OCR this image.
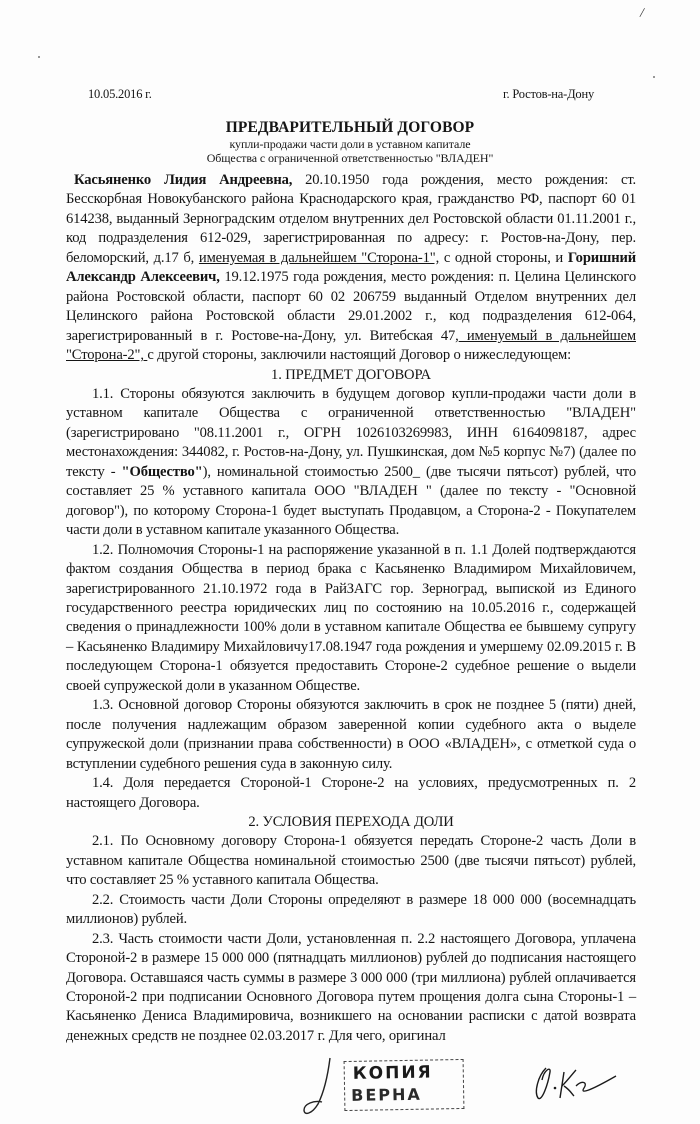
/
10.05.2016 г.	г. Ростов-на-Дону
ПРЕДВАРИТЕЛЬНЫЙ ДОГОВОР
купли-продажи части доли в уставном капитале
Общества с ограниченной ответственностью "ВЛАДЕН"

Касьяненко Лидия Андреевна, 20.10.1950 года рождения, место рождения: ст. Бесскорбная Новокубанского района Краснодарского края, гражданство РФ, паспорт 60 01 614238, выданный Зерноградским отделом внутренних дел Ростовской области 01.11.2001 г., код подразделения 612-029, зарегистрированная по адресу: г. Ростов-на-Дону, пер. беломорский, д.17 б, именуемая в дальнейшем "Сторона-1", с одной стороны, и Горишний Александр Алексеевич, 19.12.1975 года рождения, место рождения: п. Целина Целинского района Ростовской области, паспорт 60 02 206759 выданный Отделом внутренних дел Целинского района Ростовской области 29.01.2002 г., код подразделения 612-064, зарегистрированный в г. Ростове-на-Дону, ул. Витебская 47, именуемый в дальнейшем "Сторона-2", с другой стороны, заключили настоящий Договор о нижеследующем:

1. ПРЕДМЕТ ДОГОВОРА

1.1. Стороны обязуются заключить в будущем договор купли-продажи части доли в уставном капитале Общества с ограниченной ответственностью "ВЛАДЕН" (зарегистрировано "08.11.2001 г., ОГРН 1026103269983, ИНН 6164098187, адрес местонахождения: 344082, г. Ростов-на-Дону, ул. Пушкинская, дом №5 корпус №7) (далее по тексту - "Общество"), номинальной стоимостью 2500_ (две тысячи пятьсот) рублей, что составляет 25 % уставного капитала ООО "ВЛАДЕН " (далее по тексту - "Основной договор"), по которому Сторона-1 будет выступать Продавцом, а Сторона-2 - Покупателем части доли в уставном капитале указанного Общества.

1.2. Полномочия Стороны-1 на распоряжение указанной в п. 1.1 Долей подтверждаются фактом создания Общества в период брака с Касьяненко Владимиром Михайловичем, зарегистрированного 21.10.1972 года в РайЗАГС гор. Зерноград, выпиской из Единого государственного реестра юридических лиц по состоянию на 10.05.2016 г., содержащей сведения о принадлежности 100% доли в уставном капитале Общества ее бывшему супругу – Касьяненко Владимиру Михайловичу17.08.1947 года рождения и умершему 02.09.2015 г. В последующем Сторона-1 обязуется предоставить Стороне-2 судебное решение о выдели своей супружеской доли в указанном Обществе.

1.3. Основной договор Стороны обязуются заключить в срок не позднее 5 (пяти) дней, после получения надлежащим образом заверенной копии судебного акта о выделе супружеской доли (признании права собственности) в ООО «ВЛАДЕН», с отметкой суда о вступлении судебного решения суда в законную силу.

1.4. Доля передается Стороной-1 Стороне-2 на условиях, предусмотренных п. 2 настоящего Договора.

2. УСЛОВИЯ ПЕРЕХОДА ДОЛИ

2.1. По Основному договору Сторона-1 обязуется передать Стороне-2 часть Доли в уставном капитале Общества номинальной стоимостью 2500 (две тысячи пятьсот) рублей, что составляет 25 % уставного капитала Общества.

2.2. Стоимость части Доли Стороны определяют в размере 18 000 000 (восемнадцать миллионов) рублей.

2.3. Часть стоимости части Доли, установленная п. 2.2 настоящего Договора, уплачена Стороной-2 в размере 15 000 000 (пятнадцать миллионов) рублей до подписания настоящего Договора. Оставшаяся часть суммы в размере 3 000 000 (три миллиона) рублей оплачивается Стороной-2 при подписании Основного Договора путем прощения долга сына Стороны-1 – Касьяненко Дениса Владимировича, возникшего на основании расписки с датой возврата денежных средств не позднее 02.03.2017 г. Для чего, оригинал

КОПИЯ
ВЕРНА
